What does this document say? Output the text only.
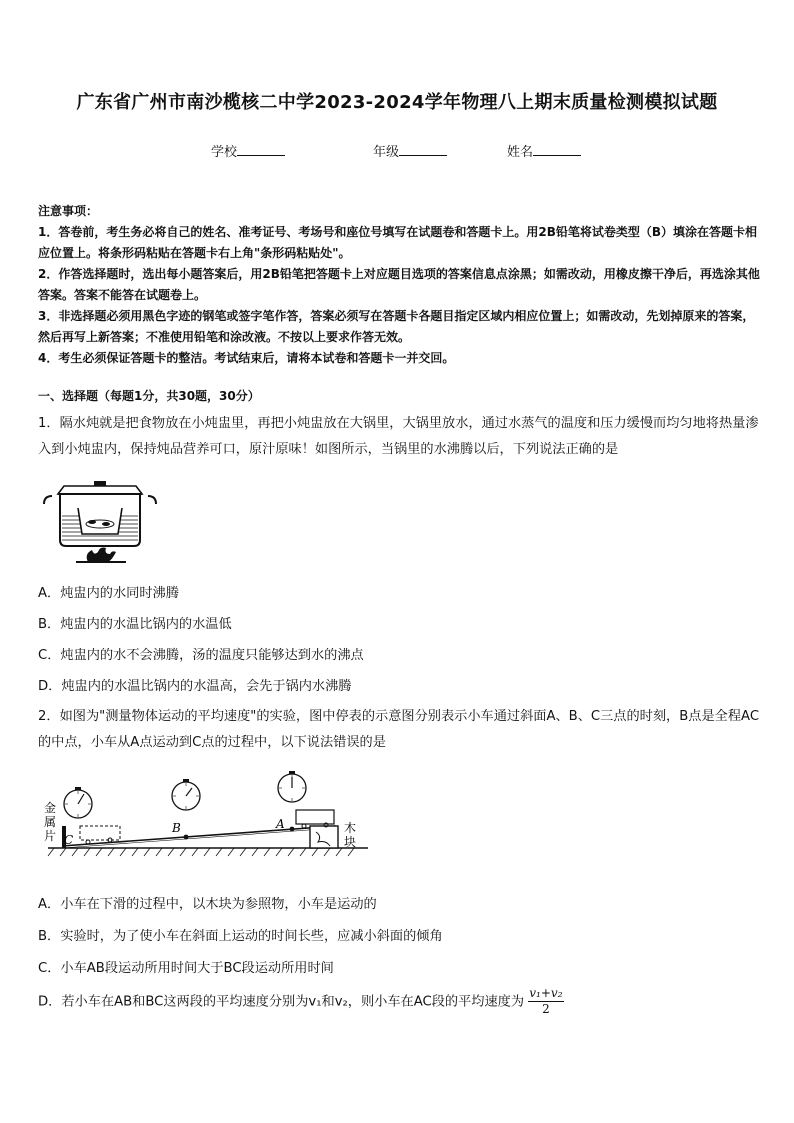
广东省广州市南沙榄核二中学2023-2024学年物理八上期末质量检测模拟试题
学校	年级	姓名
注意事项：
1．答卷前，考生务必将自己的姓名、准考证号、考场号和座位号填写在试题卷和答题卡上。用2B铅笔将试卷类型（B）填涂在答题卡相应位置上。将条形码粘贴在答题卡右上角"条形码粘贴处"。
2．作答选择题时，选出每小题答案后，用2B铅笔把答题卡上对应题目选项的答案信息点涂黑；如需改动，用橡皮擦干净后，再选涂其他答案。答案不能答在试题卷上。
3．非选择题必须用黑色字迹的钢笔或签字笔作答，答案必须写在答题卡各题目指定区域内相应位置上；如需改动，先划掉原来的答案，然后再写上新答案；不准使用铅笔和涂改液。不按以上要求作答无效。
4．考生必须保证答题卡的整洁。考试结束后，请将本试卷和答题卡一并交回。
一、选择题（每题1分，共30题，30分）
1．隔水炖就是把食物放在小炖盅里，再把小炖盅放在大锅里，大锅里放水，通过水蒸气的温度和压力缓慢而均匀地将热量渗入到小炖盅内，保持炖品营养可口，原汁原味！如图所示，当锅里的水沸腾以后，下列说法正确的是
A．炖盅内的水同时沸腾
B．炖盅内的水温比锅内的水温低
C．炖盅内的水不会沸腾，汤的温度只能够达到水的沸点
D．炖盅内的水温比锅内的水温高，会先于锅内水沸腾
2．如图为"测量物体运动的平均速度"的实验，图中停表的示意图分别表示小车通过斜面A、B、C三点的时刻，B点是全程AC的中点，小车从A点运动到C点的过程中，以下说法错误的是
金
属
片
木
块
A
B
C
A．小车在下滑的过程中，以木块为参照物，小车是运动的
B．实验时，为了使小车在斜面上运动的时间长些，应减小斜面的倾角
C．小车AB段运动所用时间大于BC段运动所用时间
D．若小车在AB和BC这两段的平均速度分别为v₁和v₂，则小车在AC段的平均速度为 $\frac{\text{v₁+v₂}}{2}$
